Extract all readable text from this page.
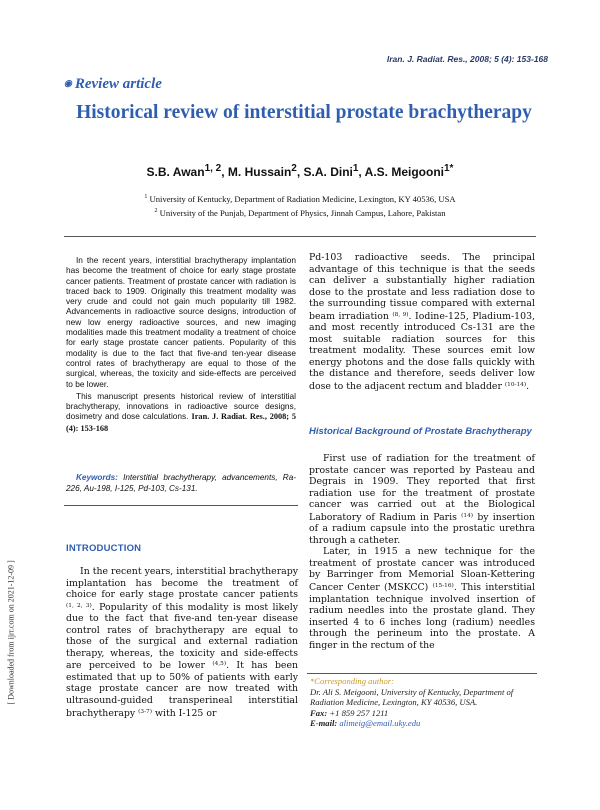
Iran. J. Radiat. Res., 2008; 5 (4): 153-168
◉ Review article
Historical review of interstitial prostate brachytherapy
S.B. Awan$^{1, 2}$, M. Hussain$^2$, S.A. Dini$^1$, A.S. Meigooni$^{1*}$
$^1$ University of Kentucky, Department of Radiation Medicine, Lexington, KY 40536, USA
$^2$ University of the Punjab, Department of Physics, Jinnah Campus, Lahore, Pakistan

In the recent years, interstitial brachytherapy implantation has become the treatment of choice for early stage prostate cancer patients. Treatment of prostate cancer with radiation is traced back to 1909. Originally this treatment modality was very crude and could not gain much popularity till 1982. Advancements in radioactive source designs, introduction of new low energy radioactive sources, and new imaging modalities made this treatment modality a treatment of choice for early stage prostate cancer patients. Popularity of this modality is due to the fact that five-and ten-year disease control rates of brachytherapy are equal to those of the surgical, whereas, the toxicity and side-effects are perceived to be lower.

This manuscript presents historical review of interstitial brachytherapy, innovations in radioactive source designs, dosimetry and dose calculations. Iran. J. Radiat. Res., 2008; 5 (4): 153-168

Keywords: Interstitial brachytherapy, advancements, Ra-226, Au-198, I-125, Pd-103, Cs-131.
INTRODUCTION

In the recent years, interstitial brachytherapy implantation has become the treatment of choice for early stage prostate cancer patients $^{(1, 2, 3)}$. Popularity of this modality is most likely due to the fact that five-and ten-year disease control rates of brachytherapy are equal to those of the surgical and external radiation therapy, whereas, the toxicity and side-effects are perceived to be lower $^{(4,5)}$. It has been estimated that up to 50% of patients with early stage prostate cancer are now treated with ultrasound-guided transperineal interstitial brachytherapy $^{(3-7)}$ with I-125 or

Pd-103 radioactive seeds. The principal advantage of this technique is that the seeds can deliver a substantially higher radiation dose to the prostate and less radiation dose to the surrounding tissue compared with external beam irradiation $^{(8, 9)}$. Iodine-125, Pladium-103, and most recently introduced Cs-131 are the most suitable radiation sources for this treatment modality. These sources emit low energy photons and the dose falls quickly with the distance and therefore, seeds deliver low dose to the adjacent rectum and bladder $^{(10-14)}$.

Historical Background of Prostate Brachytherapy

First use of radiation for the treatment of prostate cancer was reported by Pasteau and Degrais in 1909. They reported that first radiation use for the treatment of prostate cancer was carried out at the Biological Laboratory of Radium in Paris $^{(14)}$ by insertion of a radium capsule into the prostatic urethra through a catheter.

Later, in 1915 a new technique for the treatment of prostate cancer was introduced by Barringer from Memorial Sloan-Kettering Cancer Center (MSKCC) $^{(15-16)}$. This interstitial implantation technique involved insertion of radium needles into the prostate gland. They inserted 4 to 6 inches long (radium) needles through the perineum into the prostate. A finger in the rectum of the

*Corresponding author:
Dr. Ali S. Meigooni, University of Kentucky, Department of Radiation Medicine, Lexington, KY 40536, USA.
Fax: +1 859 257 1211
E-mail: alimeig@email.uky.edu
[ Downloaded from ijrr.com on 2021-12-09 ]
